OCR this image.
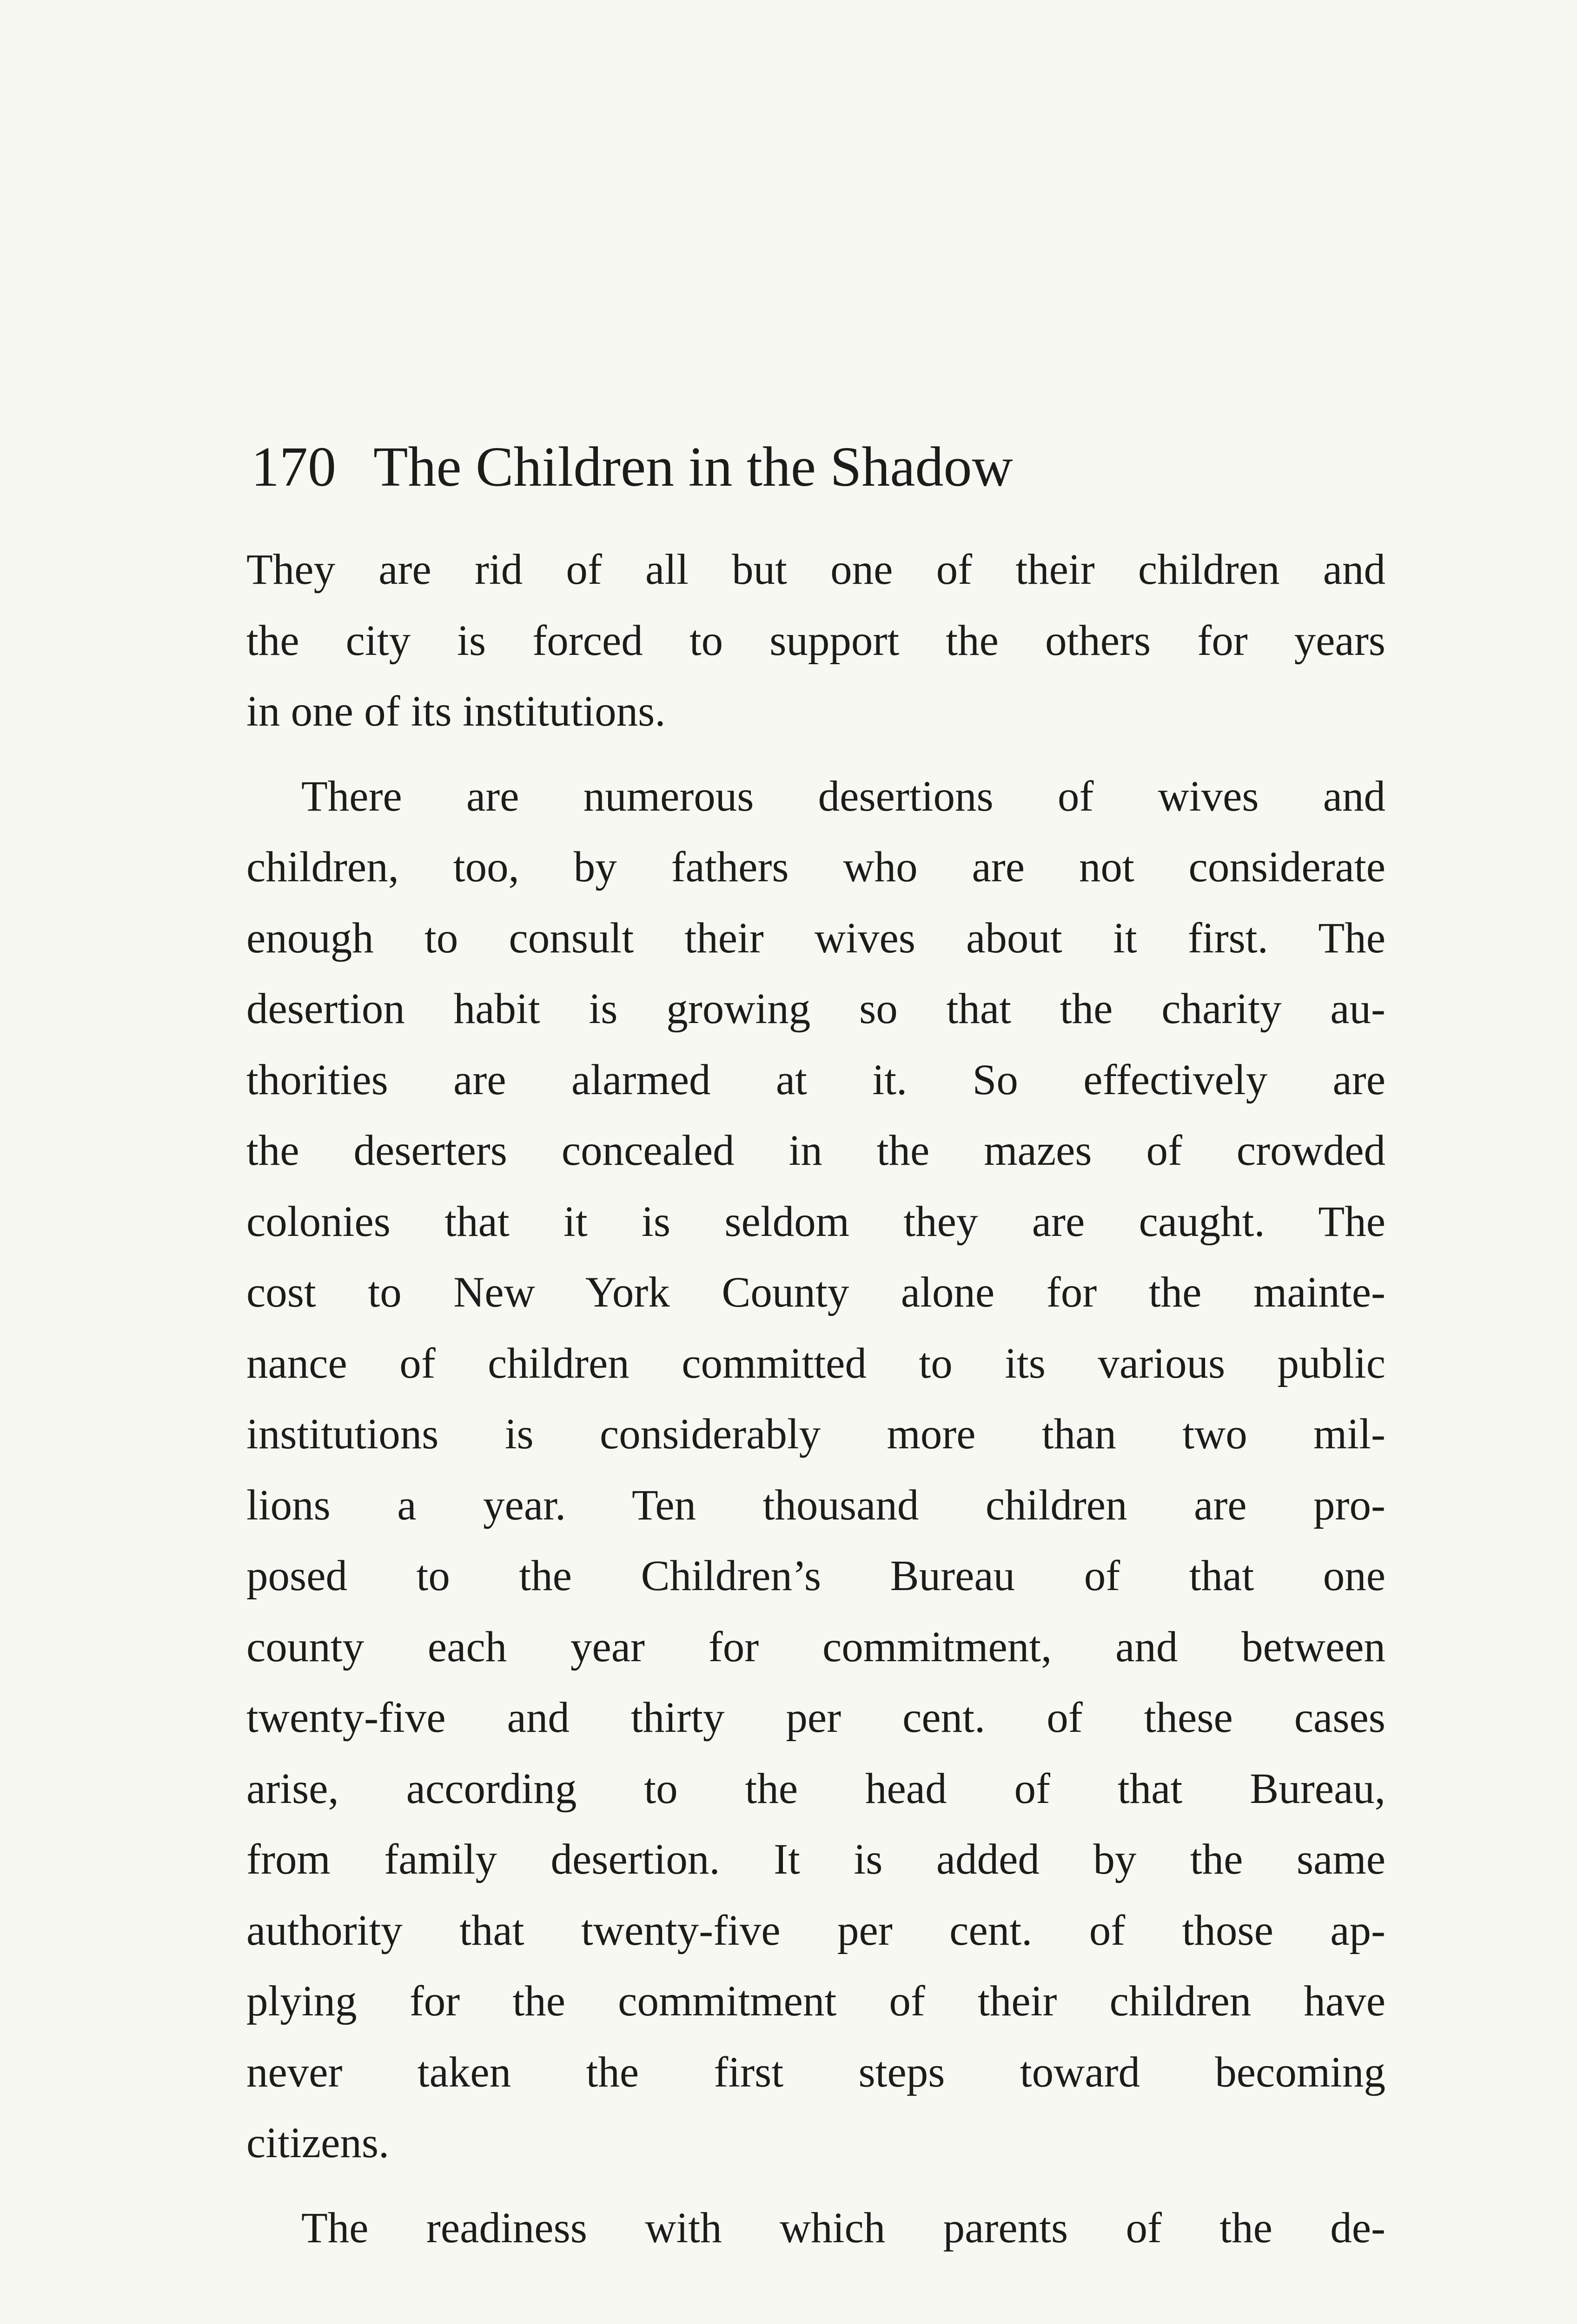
170 The Children in the Shadow
They are rid of all but one of their children and
the city is forced to support the others for years
in one of its institutions.
There are numerous desertions of wives and
children, too, by fathers who are not considerate
enough to consult their wives about it first. The
desertion habit is growing so that the charity au-
thorities are alarmed at it. So effectively are
the deserters concealed in the mazes of crowded
colonies that it is seldom they are caught. The
cost to New York County alone for the mainte-
nance of children committed to its various public
institutions is considerably more than two mil-
lions a year. Ten thousand children are pro-
posed to the Children’s Bureau of that one
county each year for commitment, and between
twenty-five and thirty per cent. of these cases
arise, according to the head of that Bureau,
from family desertion. It is added by the same
authority that twenty-five per cent. of those ap-
plying for the commitment of their children have
never taken the first steps toward becoming
citizens.
The readiness with which parents of the de-
